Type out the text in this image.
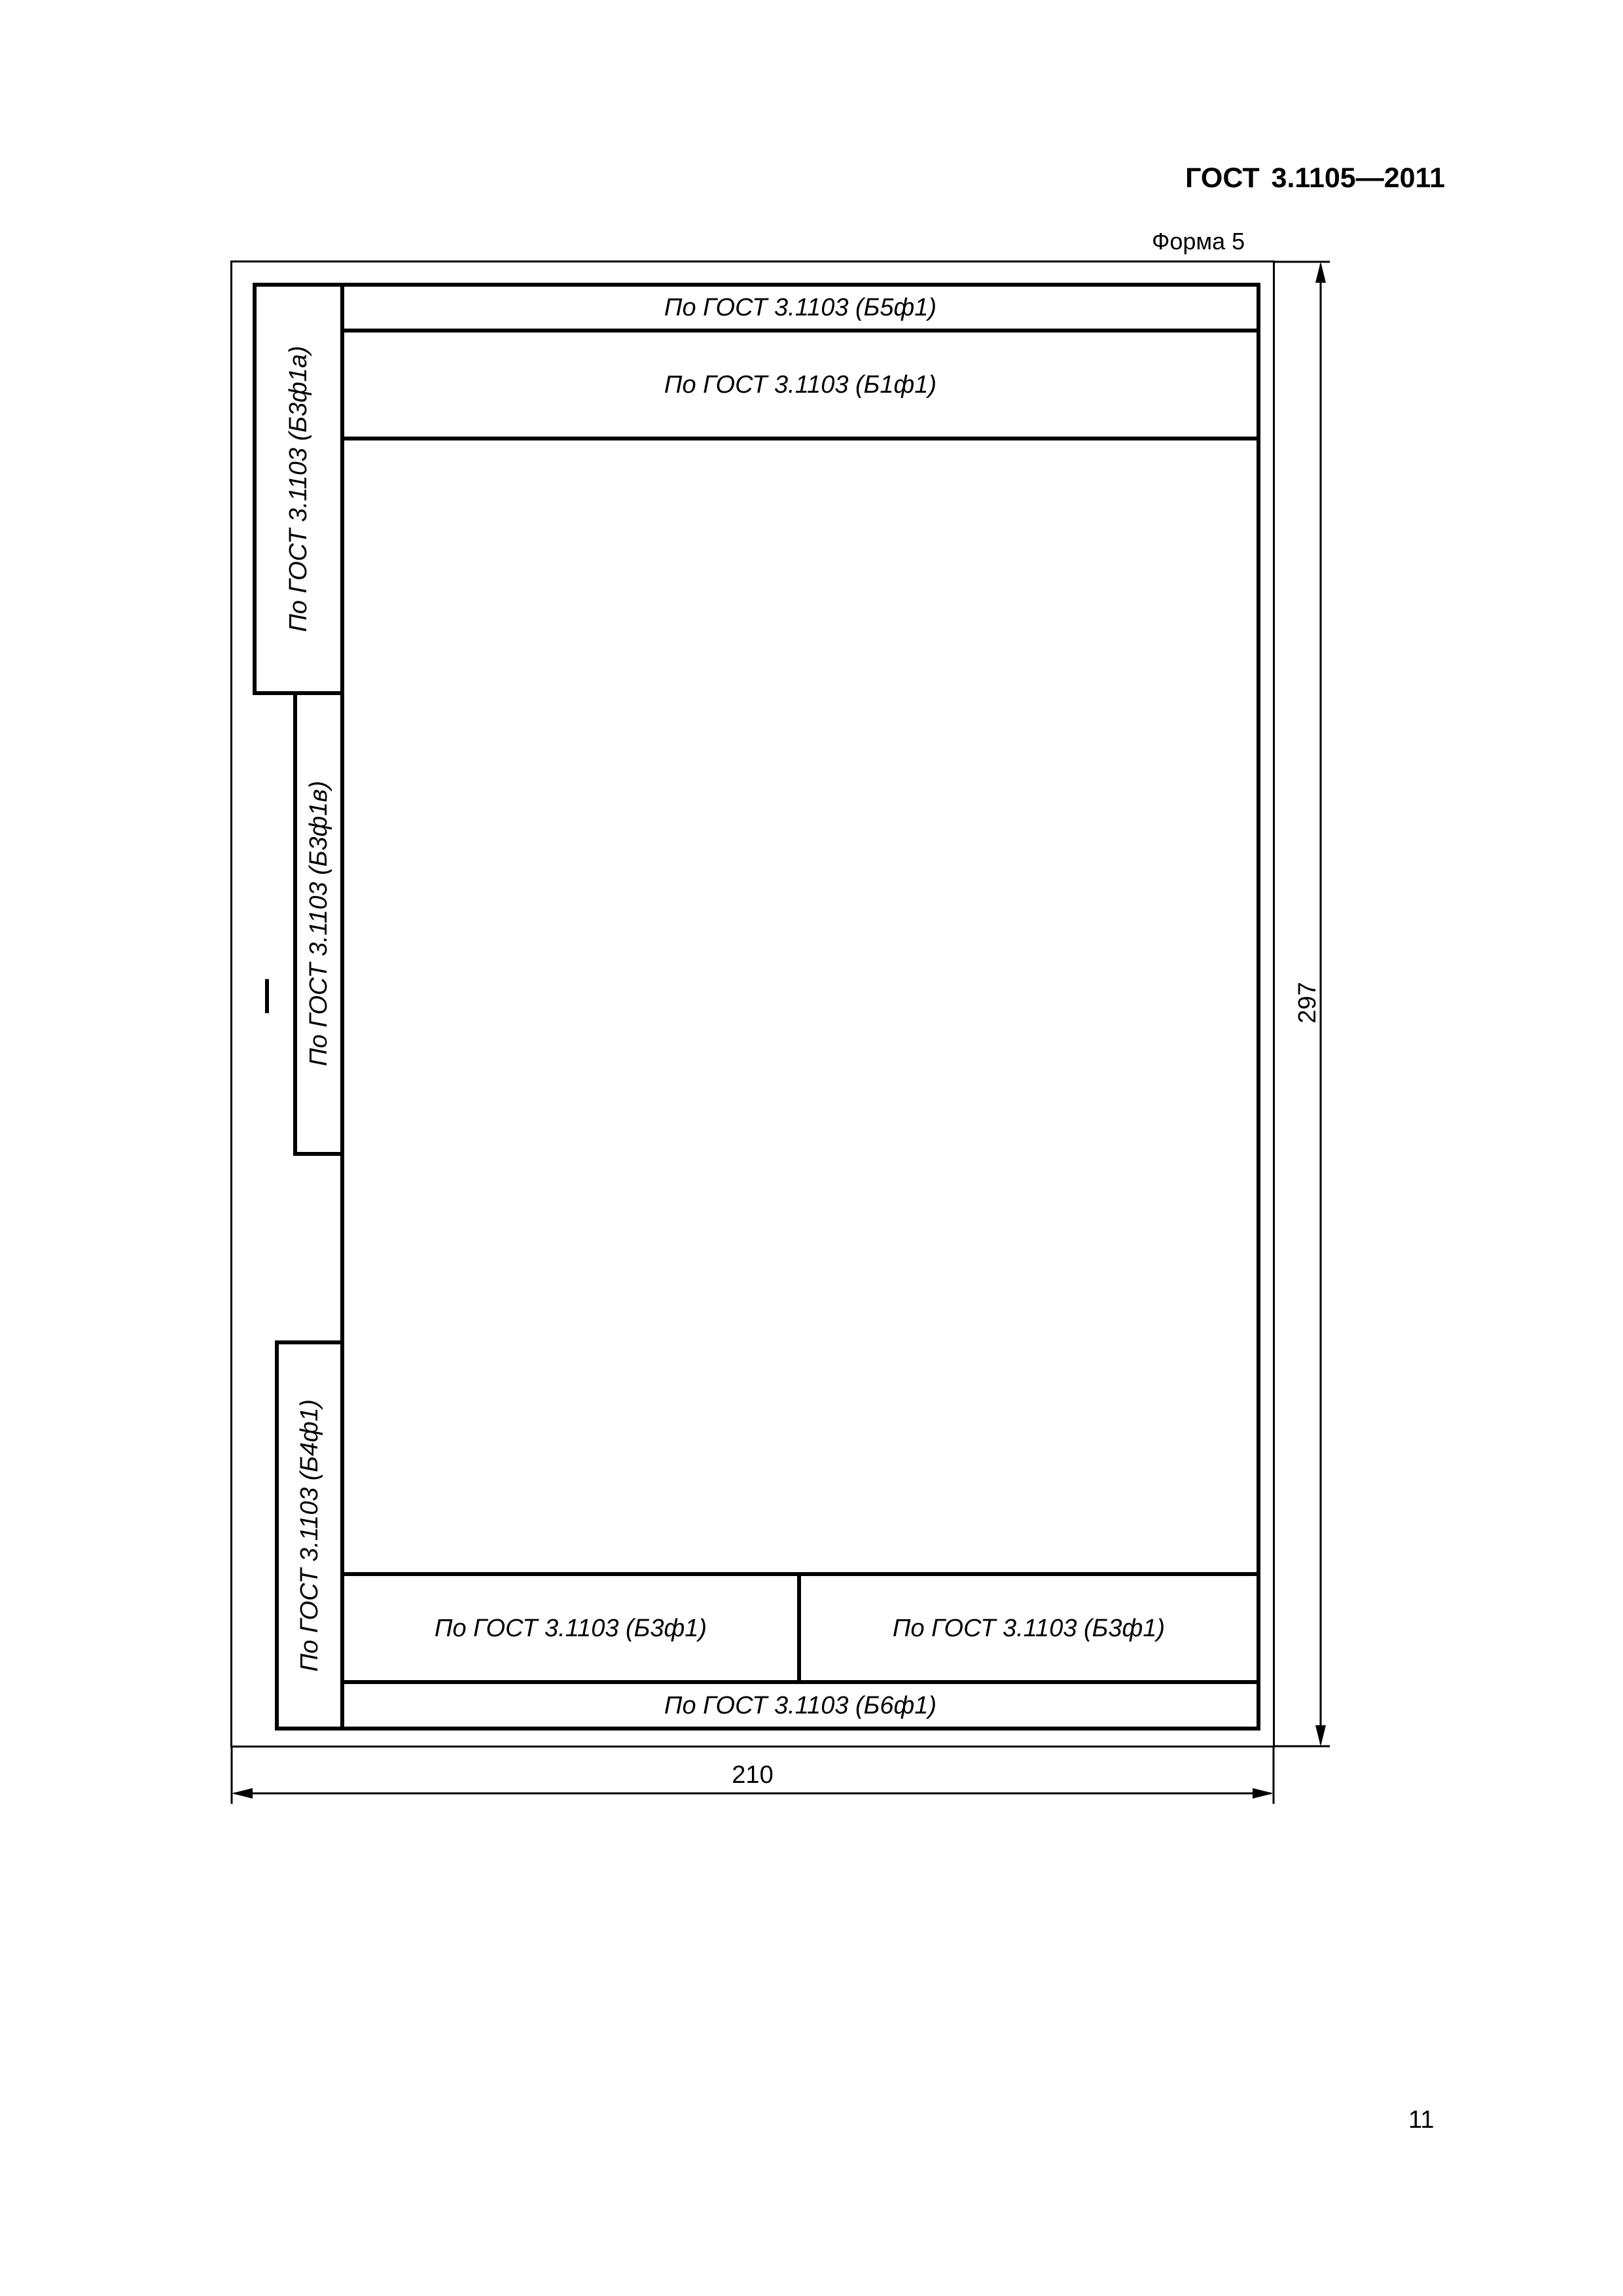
ГОСТ 3.1105—2011
Форма 5
По ГОСТ 3.1103 (Б5ф1)
По ГОСТ 3.1103 (Б1ф1)
По ГОСТ 3.1103 (Б3ф1)	По ГОСТ 3.1103 (Б3ф1)
По ГОСТ 3.1103 (Б6ф1)
По ГОСТ 3.1103 (Б3ф1а)
По ГОСТ 3.1103 (Б3ф1в)
По ГОСТ 3.1103 (Б4ф1)
297
210
11
